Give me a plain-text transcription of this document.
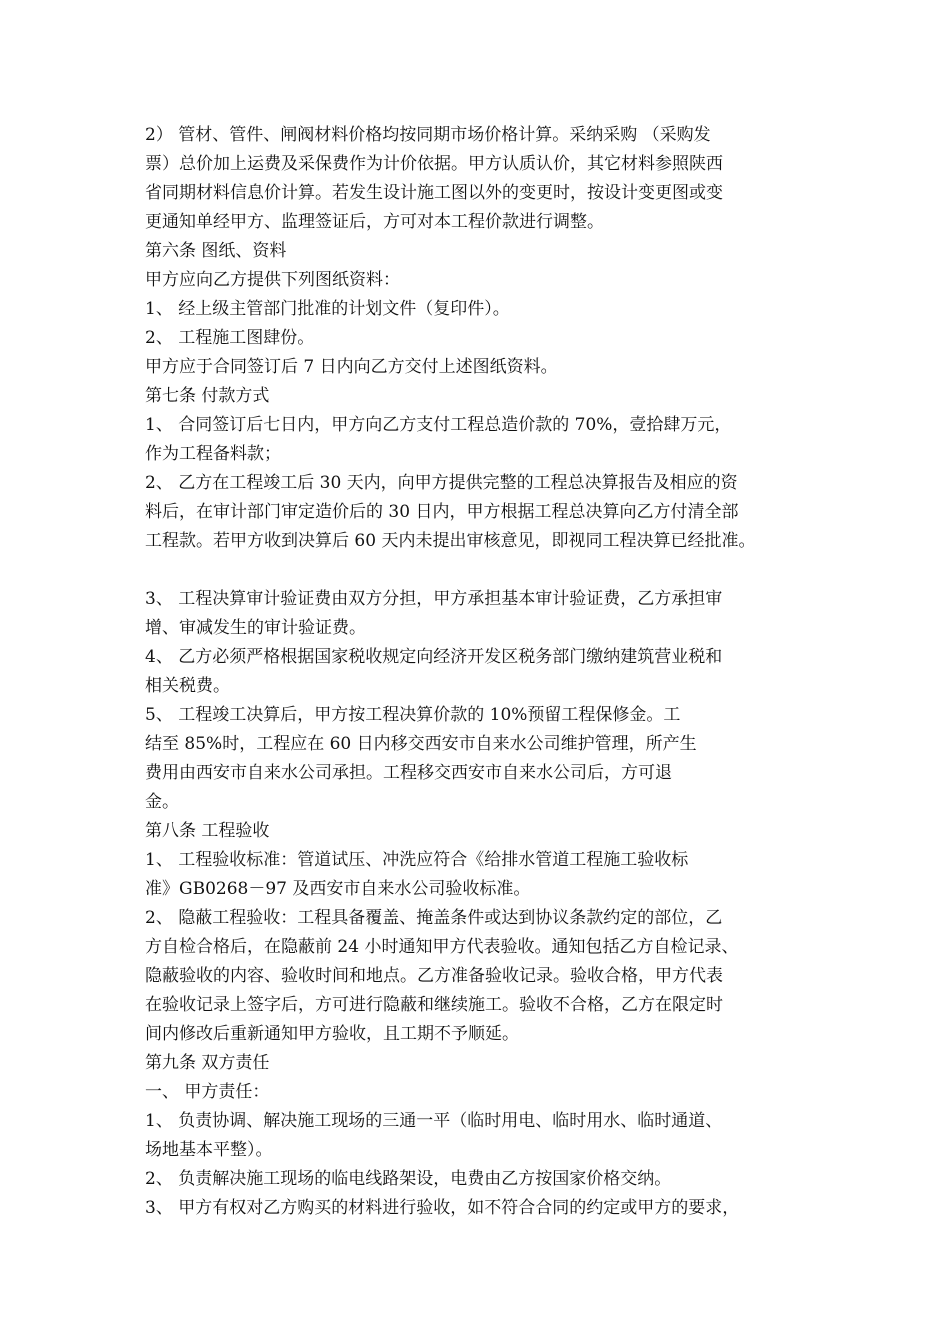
2） 管材、管件、闸阀材料价格均按同期市场价格计算。采纳采购 （采购发
票）总价加上运费及采保费作为计价依据。甲方认质认价，其它材料参照陕西
省同期材料信息价计算。若发生设计施工图以外的变更时，按设计变更图或变
更通知单经甲方、监理签证后，方可对本工程价款进行调整。
第六条 图纸、资料
甲方应向乙方提供下列图纸资料：
1、 经上级主管部门批准的计划文件（复印件）。
2、 工程施工图肆份。
甲方应于合同签订后 7 日内向乙方交付上述图纸资料。
第七条 付款方式
1、 合同签订后七日内，甲方向乙方支付工程总造价款的 70%，壹拾肆万元，
作为工程备料款；
2、 乙方在工程竣工后 30 天内，向甲方提供完整的工程总决算报告及相应的资
料后，在审计部门审定造价后的 30 日内，甲方根据工程总决算向乙方付清全部
工程款。若甲方收到决算后 60 天内未提出审核意见，即视同工程决算已经批准。
3、 工程决算审计验证费由双方分担，甲方承担基本审计验证费，乙方承担审
增、审减发生的审计验证费。
4、 乙方必须严格根据国家税收规定向经济开发区税务部门缴纳建筑营业税和
相关税费。
5、 工程竣工决算后，甲方按工程决算价款的 10%预留工程保修金。工
结至 85%时，工程应在 60 日内移交西安市自来水公司维护管理，所产生
费用由西安市自来水公司承担。工程移交西安市自来水公司后，方可退
金。
第八条 工程验收
1、 工程验收标准：管道试压、冲洗应符合《给排水管道工程施工验收标
准》GB0268－97 及西安市自来水公司验收标准。
2、 隐蔽工程验收：工程具备覆盖、掩盖条件或达到协议条款约定的部位，乙
方自检合格后，在隐蔽前 24 小时通知甲方代表验收。通知包括乙方自检记录、
隐蔽验收的内容、验收时间和地点。乙方准备验收记录。验收合格，甲方代表
在验收记录上签字后，方可进行隐蔽和继续施工。验收不合格，乙方在限定时
间内修改后重新通知甲方验收，且工期不予顺延。
第九条 双方责任
一、 甲方责任：
1、 负责协调、解决施工现场的三通一平（临时用电、临时用水、临时通道、
场地基本平整）。
2、 负责解决施工现场的临电线路架设，电费由乙方按国家价格交纳。
3、 甲方有权对乙方购买的材料进行验收，如不符合合同的约定或甲方的要求，
